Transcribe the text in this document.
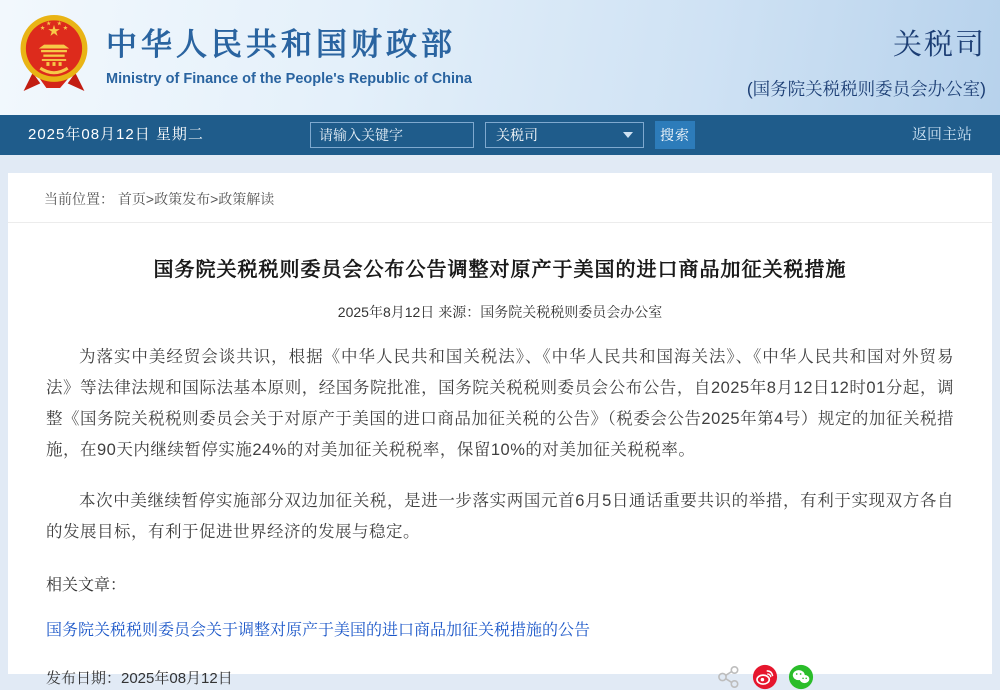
中华人民共和国财政部
Ministry of Finance of the People's Republic of China
关税司
(国务院关税税则委员会办公室)
2025年08月12日 星期二
请输入关键字	关税司	搜索	返回主站
当前位置： 首页>政策发布>政策解读
国务院关税税则委员会公布公告调整对原产于美国的进口商品加征关税措施
2025年8月12日 来源：国务院关税税则委员会办公室

为落实中美经贸会谈共识，根据《中华人民共和国关税法》、《中华人民共和国海关法》、《中华人民共和国对外贸易法》等法律法规和国际法基本原则，经国务院批准，国务院关税税则委员会公布公告，自2025年8月12日12时01分起，调整《国务院关税税则委员会关于对原产于美国的进口商品加征关税的公告》（税委会公告2025年第4号）规定的加征关税措施，在90天内继续暂停实施24%的对美加征关税税率，保留10%的对美加征关税税率。

本次中美继续暂停实施部分双边加征关税，是进一步落实两国元首6月5日通话重要共识的举措，有利于实现双方各自的发展目标，有利于促进世界经济的发展与稳定。

相关文章：
国务院关税税则委员会关于调整对原产于美国的进口商品加征关税措施的公告
发布日期：2025年08月12日
